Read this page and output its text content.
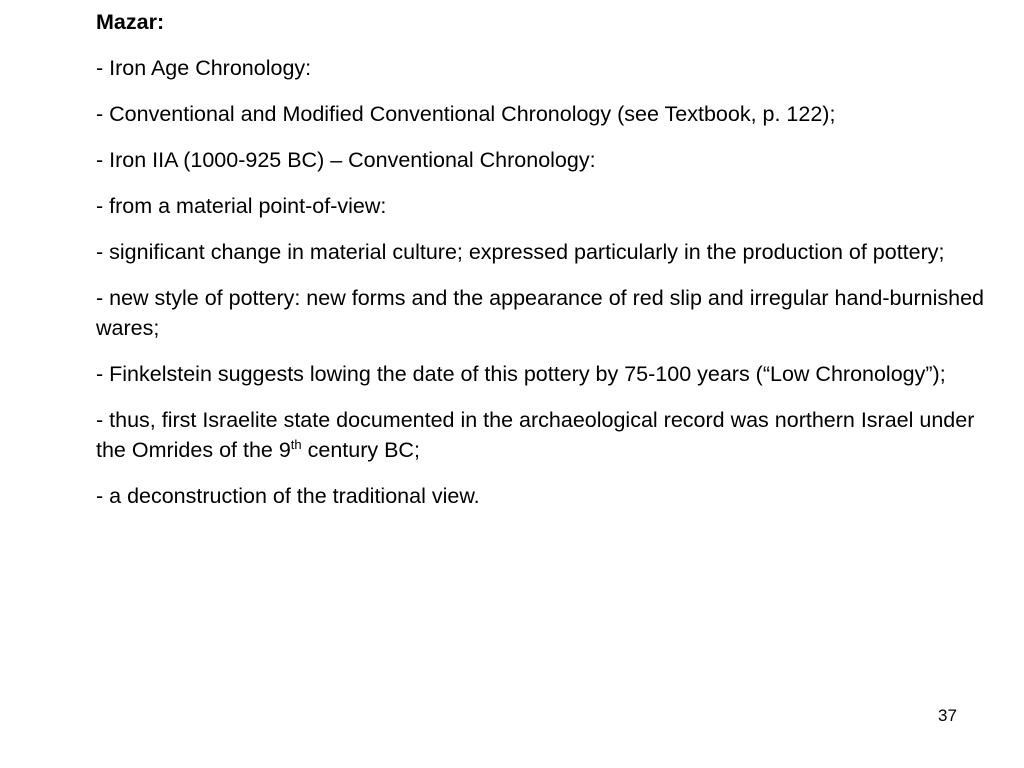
Mazar:
- Iron Age Chronology:
- Conventional and Modified Conventional Chronology (see Textbook, p. 122);
- Iron IIA (1000-925 BC) – Conventional Chronology:
- from a material point-of-view:
- significant change in material culture; expressed particularly in the production of pottery;
- new style of pottery: new forms and the appearance of red slip and irregular hand-burnished wares;
- Finkelstein suggests lowing the date of this pottery by 75-100 years (“Low Chronology”);
- thus, first Israelite state documented in the archaeological record was northern Israel under the Omrides of the 9th century BC;
- a deconstruction of the traditional view.
37
